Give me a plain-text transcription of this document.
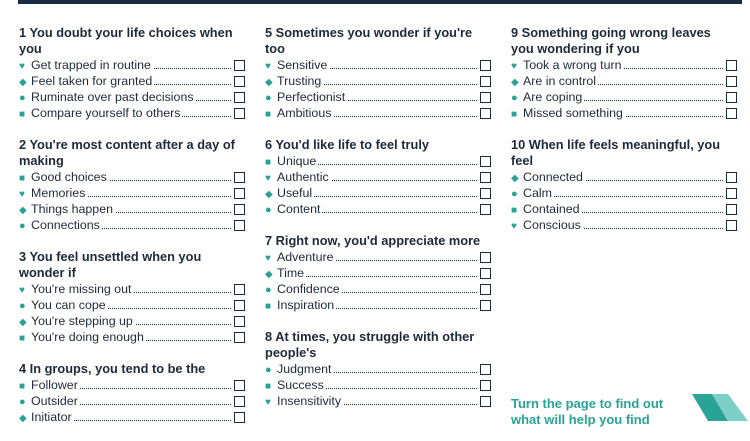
1 You doubt your life choices when you
♥ Get trapped in routine
◆ Feel taken for granted
● Ruminate over past decisions
■ Compare yourself to others
2 You're most content after a day of making
■ Good choices
♥ Memories
◆ Things happen
● Connections
3 You feel unsettled when you wonder if
♥ You're missing out
● You can cope
◆ You're stepping up
■ You're doing enough
4 In groups, you tend to be the
■ Follower
● Outsider
◆ Initiator
5 Sometimes you wonder if you're too
♥ Sensitive
◆ Trusting
● Perfectionist
■ Ambitious
6 You'd like life to feel truly
■ Unique
♥ Authentic
◆ Useful
● Content
7 Right now, you'd appreciate more
♥ Adventure
◆ Time
● Confidence
■ Inspiration
8 At times, you struggle with other people's
● Judgment
■ Success
♥ Insensitivity
9 Something going wrong leaves you wondering if you
♥ Took a wrong turn
◆ Are in control
● Are coping
■ Missed something
10 When life feels meaningful, you feel
◆ Connected
● Calm
■ Contained
♥ Conscious
Turn the page to find out what will help you find
